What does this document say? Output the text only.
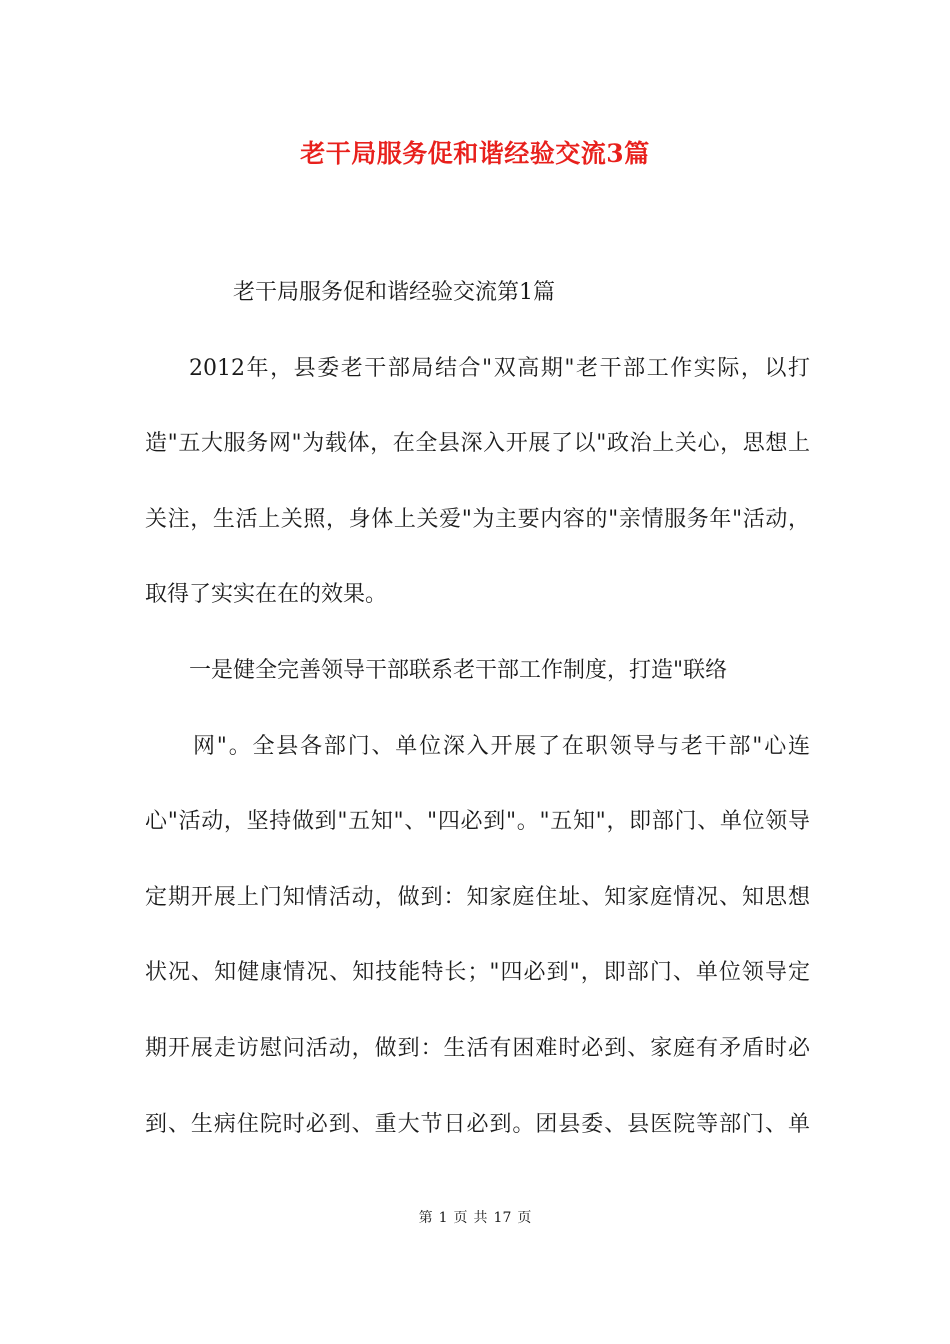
老干局服务促和谐经验交流3篇
老干局服务促和谐经验交流第1篇
2012年，县委老干部局结合"双高期"老干部工作实际，以打
造"五大服务网"为载体，在全县深入开展了以"政治上关心，思想上
关注，生活上关照，身体上关爱"为主要内容的"亲情服务年"活动，
取得了实实在在的效果。
一是健全完善领导干部联系老干部工作制度，打造"联络
网"。全县各部门、单位深入开展了在职领导与老干部"心连
心"活动，坚持做到"五知"、"四必到"。"五知"，即部门、单位领导
定期开展上门知情活动，做到：知家庭住址、知家庭情况、知思想
状况、知健康情况、知技能特长；"四必到"，即部门、单位领导定
期开展走访慰问活动，做到：生活有困难时必到、家庭有矛盾时必
到、生病住院时必到、重大节日必到。团县委、县医院等部门、单
第 1 页 共 17 页
